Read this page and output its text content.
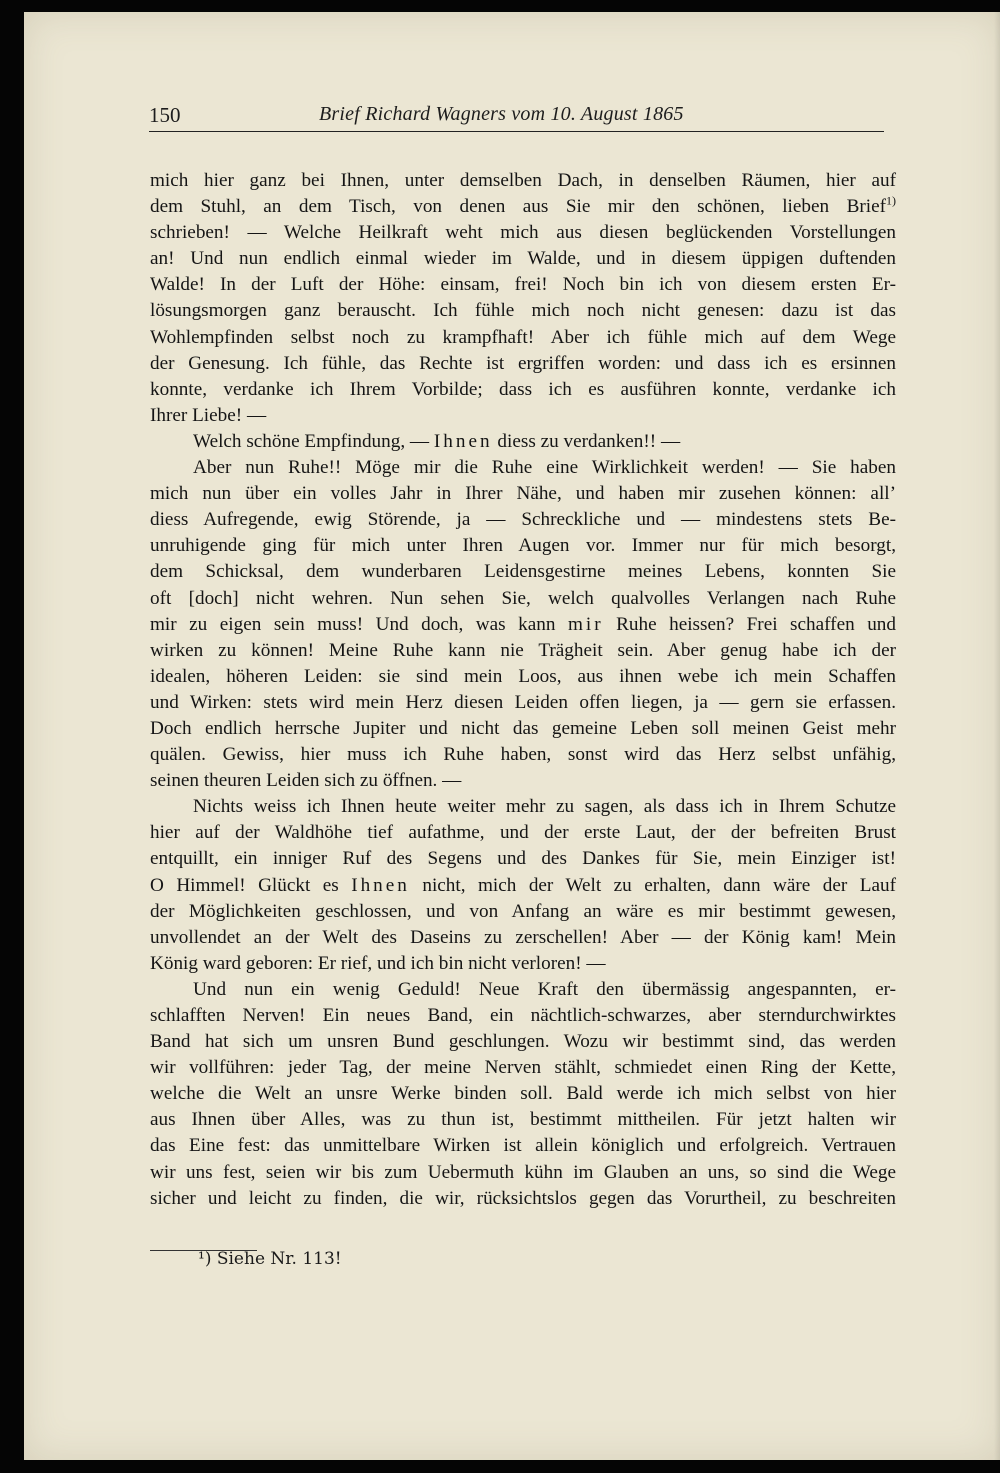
150	Brief Richard Wagners vom 10. August 1865
mich hier ganz bei Ihnen, unter demselben Dach, in denselben Räumen, hier auf
dem Stuhl, an dem Tisch, von denen aus Sie mir den schönen, lieben Brief$^{1)}$
schrieben! — Welche Heilkraft weht mich aus diesen beglückenden Vorstellungen
an! Und nun endlich einmal wieder im Walde, und in diesem üppigen duftenden
Walde! In der Luft der Höhe: einsam, frei! Noch bin ich von diesem ersten Er-
lösungsmorgen ganz berauscht. Ich fühle mich noch nicht genesen: dazu ist das
Wohlempfinden selbst noch zu krampfhaft! Aber ich fühle mich auf dem Wege
der Genesung. Ich fühle, das Rechte ist ergriffen worden: und dass ich es ersinnen
konnte, verdanke ich Ihrem Vorbilde; dass ich es ausführen konnte, verdanke ich
Ihrer Liebe! —
Welch schöne Empfindung, — Ihnen diess zu verdanken!! —
Aber nun Ruhe!! Möge mir die Ruhe eine Wirklichkeit werden! — Sie haben
mich nun über ein volles Jahr in Ihrer Nähe, und haben mir zusehen können: all’
diess Aufregende, ewig Störende, ja — Schreckliche und — mindestens stets Be-
unruhigende ging für mich unter Ihren Augen vor. Immer nur für mich besorgt,
dem Schicksal, dem wunderbaren Leidensgestirne meines Lebens, konnten Sie
oft [doch] nicht wehren. Nun sehen Sie, welch qualvolles Verlangen nach Ruhe
mir zu eigen sein muss! Und doch, was kann mir Ruhe heissen? Frei schaffen und
wirken zu können! Meine Ruhe kann nie Trägheit sein. Aber genug habe ich der
idealen, höheren Leiden: sie sind mein Loos, aus ihnen webe ich mein Schaffen
und Wirken: stets wird mein Herz diesen Leiden offen liegen, ja — gern sie erfassen.
Doch endlich herrsche Jupiter und nicht das gemeine Leben soll meinen Geist mehr
quälen. Gewiss, hier muss ich Ruhe haben, sonst wird das Herz selbst unfähig,
seinen theuren Leiden sich zu öffnen. —
Nichts weiss ich Ihnen heute weiter mehr zu sagen, als dass ich in Ihrem Schutze
hier auf der Waldhöhe tief aufathme, und der erste Laut, der der befreiten Brust
entquillt, ein inniger Ruf des Segens und des Dankes für Sie, mein Einziger ist!
O Himmel! Glückt es Ihnen nicht, mich der Welt zu erhalten, dann wäre der Lauf
der Möglichkeiten geschlossen, und von Anfang an wäre es mir bestimmt gewesen,
unvollendet an der Welt des Daseins zu zerschellen! Aber — der König kam! Mein
König ward geboren: Er rief, und ich bin nicht verloren! —
Und nun ein wenig Geduld! Neue Kraft den übermässig angespannten, er-
schlafften Nerven! Ein neues Band, ein nächtlich-schwarzes, aber sterndurchwirktes
Band hat sich um unsren Bund geschlungen. Wozu wir bestimmt sind, das werden
wir vollführen: jeder Tag, der meine Nerven stählt, schmiedet einen Ring der Kette,
welche die Welt an unsre Werke binden soll. Bald werde ich mich selbst von hier
aus Ihnen über Alles, was zu thun ist, bestimmt mittheilen. Für jetzt halten wir
das Eine fest: das unmittelbare Wirken ist allein königlich und erfolgreich. Vertrauen
wir uns fest, seien wir bis zum Uebermuth kühn im Glauben an uns, so sind die Wege
sicher und leicht zu finden, die wir, rücksichtslos gegen das Vorurtheil, zu beschreiten
¹) Siehe Nr. 113!
